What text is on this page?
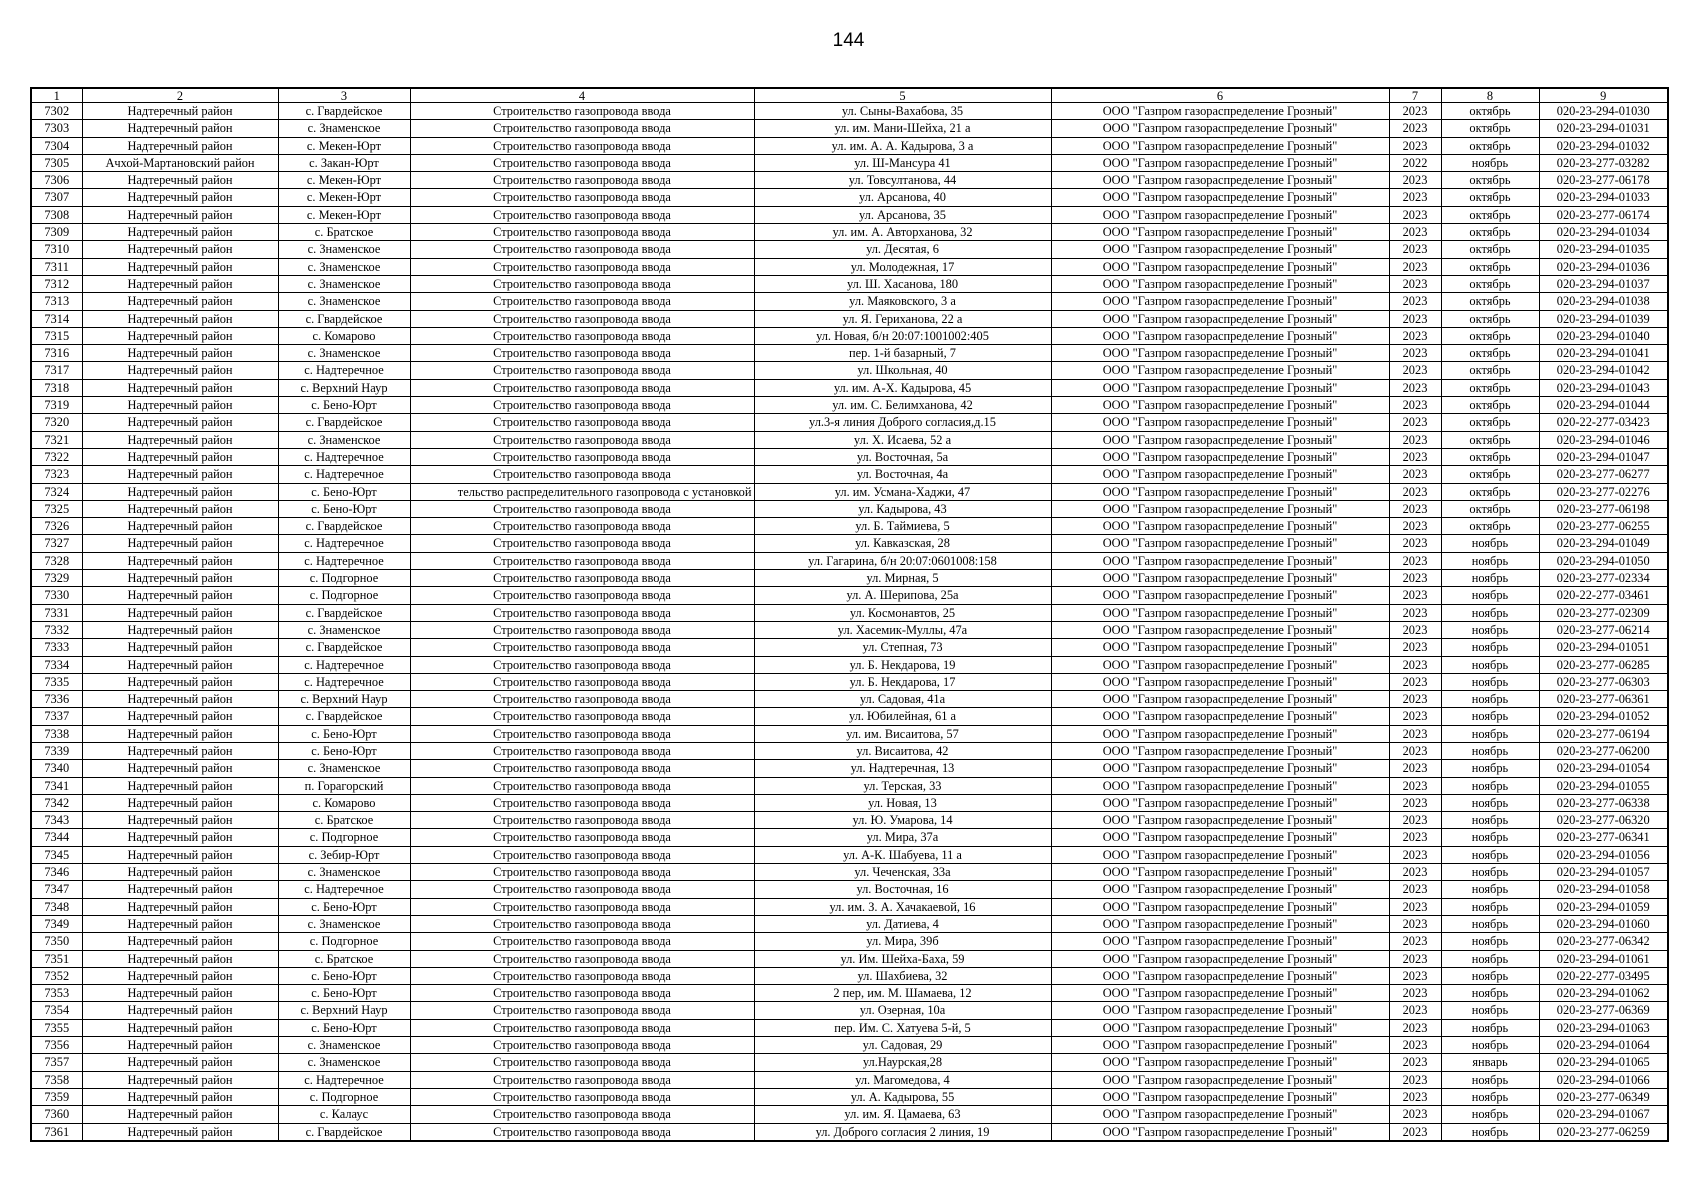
144
1	2	3	4	5	6	7	8	9
7302	Надтеречный район	с. Гвардейское	Строительство газопровода ввода	ул. Сыны-Вахабова, 35	ООО "Газпром газораспределение Грозный"	2023	октябрь	020-23-294-01030
7303	Надтеречный район	с. Знаменское	Строительство газопровода ввода	ул. им. Мани-Шейха, 21 а	ООО "Газпром газораспределение Грозный"	2023	октябрь	020-23-294-01031
7304	Надтеречный район	с. Мекен-Юрт	Строительство газопровода ввода	ул. им. А. А. Кадырова, 3 а	ООО "Газпром газораспределение Грозный"	2023	октябрь	020-23-294-01032
7305	Ачхой-Мартановский район	с. Закан-Юрт	Строительство газопровода ввода	ул. Ш-Мансура 41	ООО "Газпром газораспределение Грозный"	2022	ноябрь	020-23-277-03282
7306	Надтеречный район	с. Мекен-Юрт	Строительство газопровода ввода	ул. Товсултанова, 44	ООО "Газпром газораспределение Грозный"	2023	октябрь	020-23-277-06178
7307	Надтеречный район	с. Мекен-Юрт	Строительство газопровода ввода	ул. Арсанова, 40	ООО "Газпром газораспределение Грозный"	2023	октябрь	020-23-294-01033
7308	Надтеречный район	с. Мекен-Юрт	Строительство газопровода ввода	ул. Арсанова, 35	ООО "Газпром газораспределение Грозный"	2023	октябрь	020-23-277-06174
7309	Надтеречный район	с. Братское	Строительство газопровода ввода	ул. им. А. Авторханова, 32	ООО "Газпром газораспределение Грозный"	2023	октябрь	020-23-294-01034
7310	Надтеречный район	с. Знаменское	Строительство газопровода ввода	ул. Десятая, 6	ООО "Газпром газораспределение Грозный"	2023	октябрь	020-23-294-01035
7311	Надтеречный район	с. Знаменское	Строительство газопровода ввода	ул. Молодежная, 17	ООО "Газпром газораспределение Грозный"	2023	октябрь	020-23-294-01036
7312	Надтеречный район	с. Знаменское	Строительство газопровода ввода	ул. Ш. Хасанова, 180	ООО "Газпром газораспределение Грозный"	2023	октябрь	020-23-294-01037
7313	Надтеречный район	с. Знаменское	Строительство газопровода ввода	ул. Маяковского, 3 а	ООО "Газпром газораспределение Грозный"	2023	октябрь	020-23-294-01038
7314	Надтеречный район	с. Гвардейское	Строительство газопровода ввода	ул. Я. Гериханова, 22 а	ООО "Газпром газораспределение Грозный"	2023	октябрь	020-23-294-01039
7315	Надтеречный район	с. Комарово	Строительство газопровода ввода	ул. Новая, б/н 20:07:1001002:405	ООО "Газпром газораспределение Грозный"	2023	октябрь	020-23-294-01040
7316	Надтеречный район	с. Знаменское	Строительство газопровода ввода	пер. 1-й базарный, 7	ООО "Газпром газораспределение Грозный"	2023	октябрь	020-23-294-01041
7317	Надтеречный район	с. Надтеречное	Строительство газопровода ввода	ул. Школьная, 40	ООО "Газпром газораспределение Грозный"	2023	октябрь	020-23-294-01042
7318	Надтеречный район	с. Верхний Наур	Строительство газопровода ввода	ул. им. А-Х. Кадырова, 45	ООО "Газпром газораспределение Грозный"	2023	октябрь	020-23-294-01043
7319	Надтеречный район	с. Бено-Юрт	Строительство газопровода ввода	ул. им. С. Белимханова, 42	ООО "Газпром газораспределение Грозный"	2023	октябрь	020-23-294-01044
7320	Надтеречный район	с. Гвардейское	Строительство газопровода ввода	ул.3-я линия Доброго согласия,д.15	ООО "Газпром газораспределение Грозный"	2023	октябрь	020-22-277-03423
7321	Надтеречный район	с. Знаменское	Строительство газопровода ввода	ул. Х. Исаева, 52 а	ООО "Газпром газораспределение Грозный"	2023	октябрь	020-23-294-01046
7322	Надтеречный район	с. Надтеречное	Строительство газопровода ввода	ул. Восточная, 5а	ООО "Газпром газораспределение Грозный"	2023	октябрь	020-23-294-01047
7323	Надтеречный район	с. Надтеречное	Строительство газопровода ввода	ул. Восточная, 4а	ООО "Газпром газораспределение Грозный"	2023	октябрь	020-23-277-06277
7324	Надтеречный район	с. Бено-Юрт	тельство распределительного газопровода с установкой	ул. им. Усмана-Хаджи, 47	ООО "Газпром газораспределение Грозный"	2023	октябрь	020-23-277-02276
7325	Надтеречный район	с. Бено-Юрт	Строительство газопровода ввода	ул. Кадырова, 43	ООО "Газпром газораспределение Грозный"	2023	октябрь	020-23-277-06198
7326	Надтеречный район	с. Гвардейское	Строительство газопровода ввода	ул. Б. Таймиева, 5	ООО "Газпром газораспределение Грозный"	2023	октябрь	020-23-277-06255
7327	Надтеречный район	с. Надтеречное	Строительство газопровода ввода	ул. Кавказская, 28	ООО "Газпром газораспределение Грозный"	2023	ноябрь	020-23-294-01049
7328	Надтеречный район	с. Надтеречное	Строительство газопровода ввода	ул. Гагарина, б/н 20:07:0601008:158	ООО "Газпром газораспределение Грозный"	2023	ноябрь	020-23-294-01050
7329	Надтеречный район	с. Подгорное	Строительство газопровода ввода	ул. Мирная, 5	ООО "Газпром газораспределение Грозный"	2023	ноябрь	020-23-277-02334
7330	Надтеречный район	с. Подгорное	Строительство газопровода ввода	ул. А. Шерипова, 25а	ООО "Газпром газораспределение Грозный"	2023	ноябрь	020-22-277-03461
7331	Надтеречный район	с. Гвардейское	Строительство газопровода ввода	ул. Космонавтов, 25	ООО "Газпром газораспределение Грозный"	2023	ноябрь	020-23-277-02309
7332	Надтеречный район	с. Знаменское	Строительство газопровода ввода	ул. Хасемик-Муллы, 47а	ООО "Газпром газораспределение Грозный"	2023	ноябрь	020-23-277-06214
7333	Надтеречный район	с. Гвардейское	Строительство газопровода ввода	ул. Степная, 73	ООО "Газпром газораспределение Грозный"	2023	ноябрь	020-23-294-01051
7334	Надтеречный район	с. Надтеречное	Строительство газопровода ввода	ул. Б. Некдарова, 19	ООО "Газпром газораспределение Грозный"	2023	ноябрь	020-23-277-06285
7335	Надтеречный район	с. Надтеречное	Строительство газопровода ввода	ул. Б. Некдарова, 17	ООО "Газпром газораспределение Грозный"	2023	ноябрь	020-23-277-06303
7336	Надтеречный район	с. Верхний Наур	Строительство газопровода ввода	ул. Садовая, 41а	ООО "Газпром газораспределение Грозный"	2023	ноябрь	020-23-277-06361
7337	Надтеречный район	с. Гвардейское	Строительство газопровода ввода	ул. Юбилейная, 61 а	ООО "Газпром газораспределение Грозный"	2023	ноябрь	020-23-294-01052
7338	Надтеречный район	с. Бено-Юрт	Строительство газопровода ввода	ул. им. Висаитова, 57	ООО "Газпром газораспределение Грозный"	2023	ноябрь	020-23-277-06194
7339	Надтеречный район	с. Бено-Юрт	Строительство газопровода ввода	ул. Висаитова, 42	ООО "Газпром газораспределение Грозный"	2023	ноябрь	020-23-277-06200
7340	Надтеречный район	с. Знаменское	Строительство газопровода ввода	ул. Надтеречная, 13	ООО "Газпром газораспределение Грозный"	2023	ноябрь	020-23-294-01054
7341	Надтеречный район	п. Горагорский	Строительство газопровода ввода	ул. Терская, 33	ООО "Газпром газораспределение Грозный"	2023	ноябрь	020-23-294-01055
7342	Надтеречный район	с. Комарово	Строительство газопровода ввода	ул. Новая, 13	ООО "Газпром газораспределение Грозный"	2023	ноябрь	020-23-277-06338
7343	Надтеречный район	с. Братское	Строительство газопровода ввода	ул. Ю. Умарова, 14	ООО "Газпром газораспределение Грозный"	2023	ноябрь	020-23-277-06320
7344	Надтеречный район	с. Подгорное	Строительство газопровода ввода	ул. Мира, 37а	ООО "Газпром газораспределение Грозный"	2023	ноябрь	020-23-277-06341
7345	Надтеречный район	с. Зебир-Юрт	Строительство газопровода ввода	ул. А-К. Шабуева, 11 а	ООО "Газпром газораспределение Грозный"	2023	ноябрь	020-23-294-01056
7346	Надтеречный район	с. Знаменское	Строительство газопровода ввода	ул. Чеченская, 33а	ООО "Газпром газораспределение Грозный"	2023	ноябрь	020-23-294-01057
7347	Надтеречный район	с. Надтеречное	Строительство газопровода ввода	ул. Восточная, 16	ООО "Газпром газораспределение Грозный"	2023	ноябрь	020-23-294-01058
7348	Надтеречный район	с. Бено-Юрт	Строительство газопровода ввода	ул. им. З. А. Хачакаевой, 16	ООО "Газпром газораспределение Грозный"	2023	ноябрь	020-23-294-01059
7349	Надтеречный район	с. Знаменское	Строительство газопровода ввода	ул. Датиева, 4	ООО "Газпром газораспределение Грозный"	2023	ноябрь	020-23-294-01060
7350	Надтеречный район	с. Подгорное	Строительство газопровода ввода	ул. Мира, 39б	ООО "Газпром газораспределение Грозный"	2023	ноябрь	020-23-277-06342
7351	Надтеречный район	с. Братское	Строительство газопровода ввода	ул. Им. Шейха-Баха, 59	ООО "Газпром газораспределение Грозный"	2023	ноябрь	020-23-294-01061
7352	Надтеречный район	с. Бено-Юрт	Строительство газопровода ввода	ул. Шахбиева, 32	ООО "Газпром газораспределение Грозный"	2023	ноябрь	020-22-277-03495
7353	Надтеречный район	с. Бено-Юрт	Строительство газопровода ввода	2 пер, им. М. Шамаева, 12	ООО "Газпром газораспределение Грозный"	2023	ноябрь	020-23-294-01062
7354	Надтеречный район	с. Верхний Наур	Строительство газопровода ввода	ул. Озерная, 10а	ООО "Газпром газораспределение Грозный"	2023	ноябрь	020-23-277-06369
7355	Надтеречный район	с. Бено-Юрт	Строительство газопровода ввода	пер. Им. С. Хатуева 5-й, 5	ООО "Газпром газораспределение Грозный"	2023	ноябрь	020-23-294-01063
7356	Надтеречный район	с. Знаменское	Строительство газопровода ввода	ул. Садовая, 29	ООО "Газпром газораспределение Грозный"	2023	ноябрь	020-23-294-01064
7357	Надтеречный район	с. Знаменское	Строительство газопровода ввода	ул.Наурская,28	ООО "Газпром газораспределение Грозный"	2023	январь	020-23-294-01065
7358	Надтеречный район	с. Надтеречное	Строительство газопровода ввода	ул. Магомедова, 4	ООО "Газпром газораспределение Грозный"	2023	ноябрь	020-23-294-01066
7359	Надтеречный район	с. Подгорное	Строительство газопровода ввода	ул. А. Кадырова, 55	ООО "Газпром газораспределение Грозный"	2023	ноябрь	020-23-277-06349
7360	Надтеречный район	с. Калаус	Строительство газопровода ввода	ул. им. Я. Цамаева, 63	ООО "Газпром газораспределение Грозный"	2023	ноябрь	020-23-294-01067
7361	Надтеречный район	с. Гвардейское	Строительство газопровода ввода	ул. Доброго согласия 2 линия, 19	ООО "Газпром газораспределение Грозный"	2023	ноябрь	020-23-277-06259
